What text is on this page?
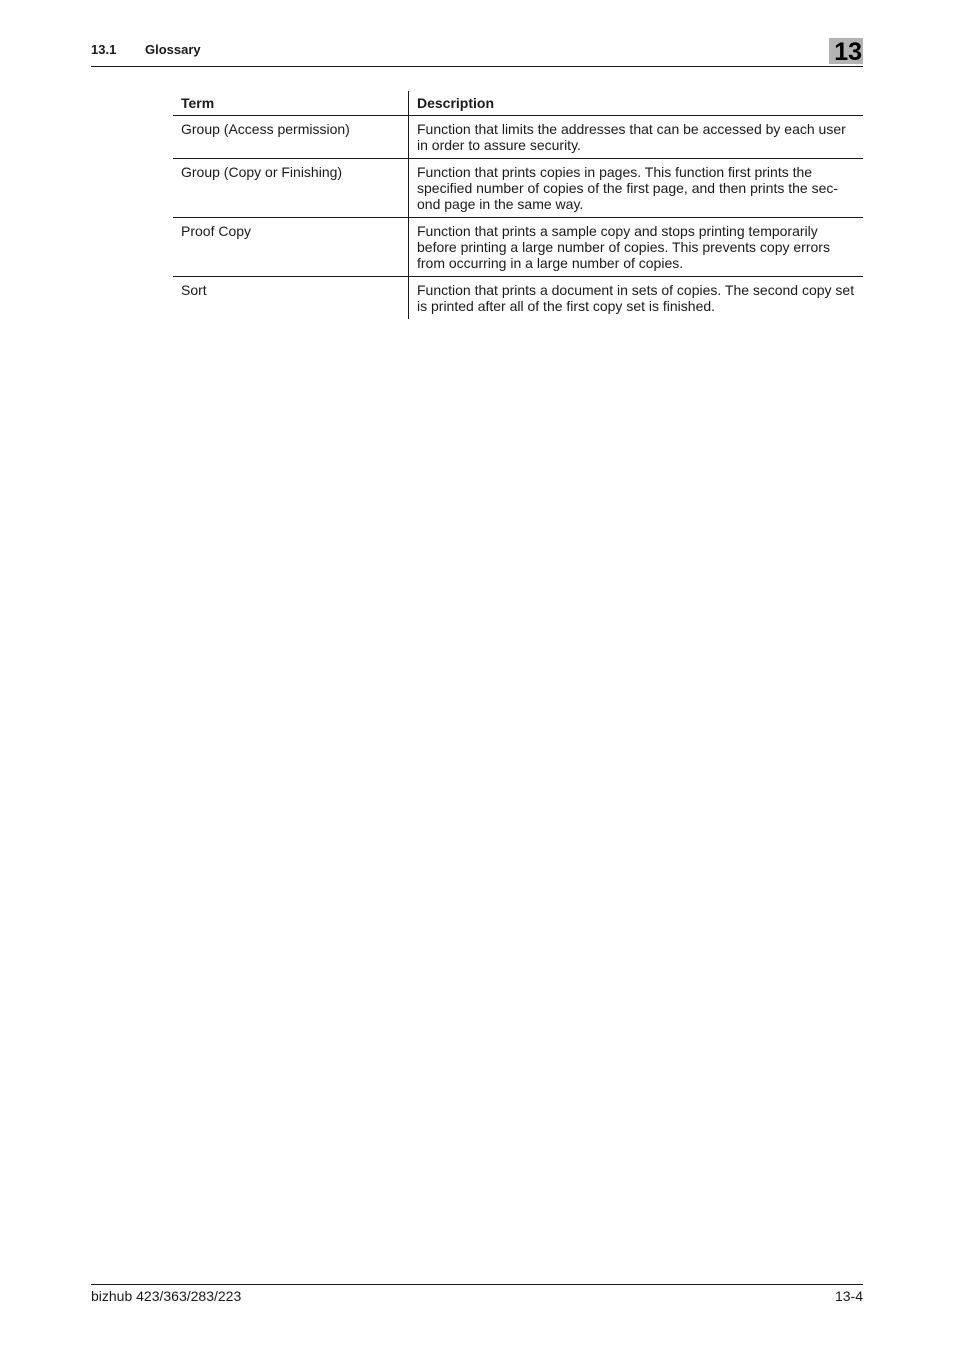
13.1 Glossary	13
Term	Description
Group (Access permission)	Function that limits the addresses that can be accessed by each user in order to assure security.
Group (Copy or Finishing)	Function that prints copies in pages. This function first prints the specified number of copies of the first page, and then prints the sec-ond page in the same way.
Proof Copy	Function that prints a sample copy and stops printing temporarily before printing a large number of copies. This prevents copy errors from occurring in a large number of copies.
Sort	Function that prints a document in sets of copies. The second copy set is printed after all of the first copy set is finished.
bizhub 423/363/283/223	13-4
